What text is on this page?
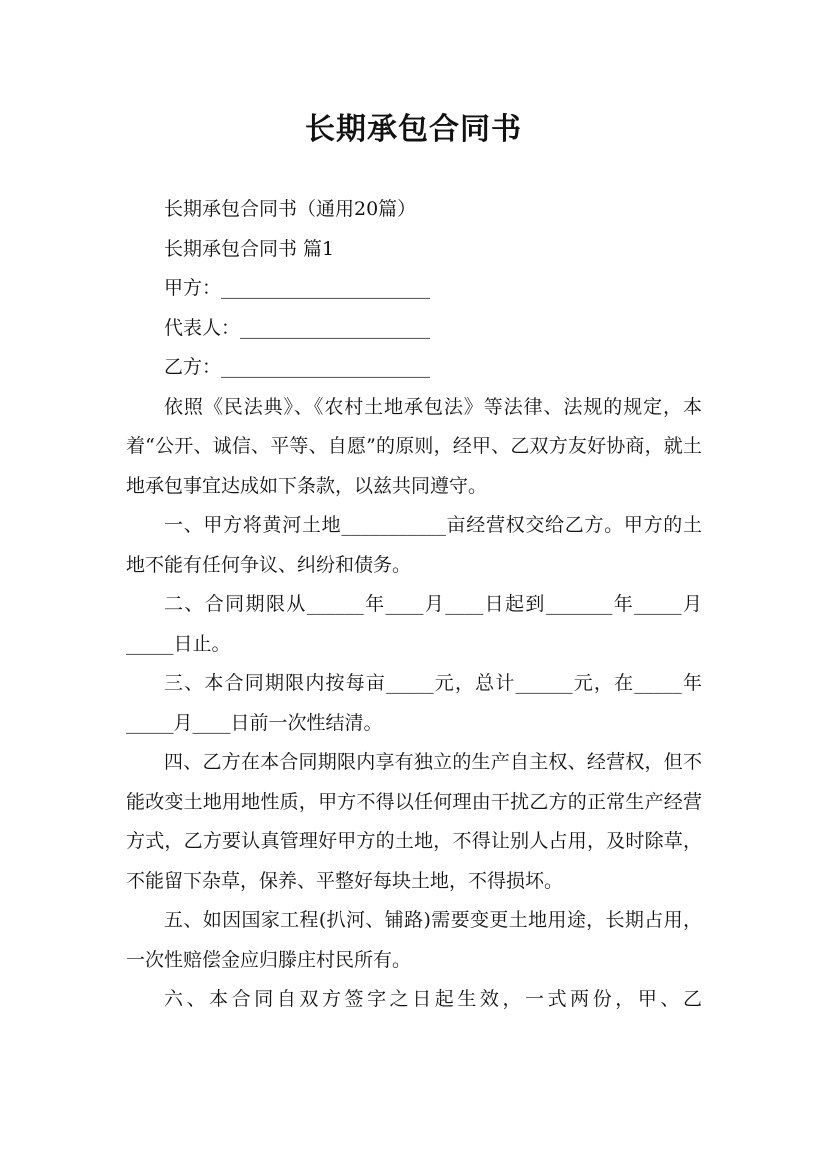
长期承包合同书

长期承包合同书（通用20篇）

长期承包合同书 篇1

甲方：______________________

代表人：____________________

乙方：______________________

依照《民法典》、《农村土地承包法》等法律、法规的规定，本着“公开、诚信、平等、自愿”的原则，经甲、乙双方友好协商，就土地承包事宜达成如下条款，以兹共同遵守。

一、甲方将黄河土地___________亩经营权交给乙方。甲方的土地不能有任何争议、纠纷和债务。

二、合同期限从______年____月____日起到_______年_____月_____日止。

三、本合同期限内按每亩_____元，总计______元，在_____年_____月____日前一次性结清。

四、乙方在本合同期限内享有独立的生产自主权、经营权，但不能改变土地用地性质，甲方不得以任何理由干扰乙方的正常生产经营方式，乙方要认真管理好甲方的土地，不得让别人占用，及时除草，不能留下杂草，保养、平整好每块土地，不得损坏。

五、如因国家工程(扒河、铺路)需要变更土地用途，长期占用，一次性赔偿金应归滕庄村民所有。

六、本合同自双方签字之日起生效，一式两份，甲、乙
